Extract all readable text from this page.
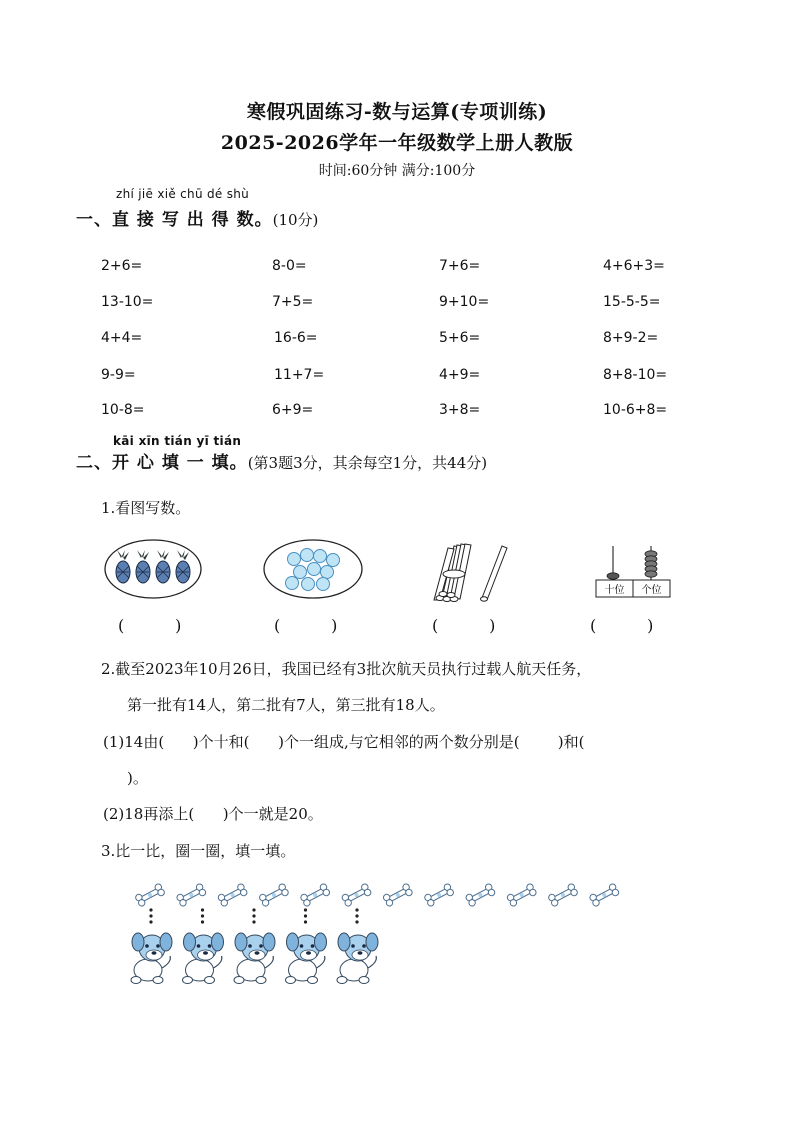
寒假巩固练习-数与运算(专项训练)
2025-2026学年一年级数学上册人教版
时间:60分钟 满分:100分
zhí jiē xiě chū dé shù
一、直 接 写 出 得 数。(10分)
2+6=	8-0=	7+6=	4+6+3=
13-10=	7+5=	9+10=	15-5-5=
4+4=	16-6=	5+6=	8+9-2=
9-9=	11+7=	4+9=	8+8-10=
10-8=	6+9=	3+8=	10-6+8=
kāi xīn tián yī tián
二、开 心 填 一 填。(第3题3分，其余每空1分，共44分)
1.看图写数。
十位 个位
(          )	(          )	(          )	(          )
2.截至2023年10月26日，我国已经有3批次航天员执行过载人航天任务，
第一批有14人，第二批有7人，第三批有18人。
(1)14由(      )个十和(      )个一组成,与它相邻的两个数分别是(        )和(
)。
(2)18再添上(      )个一就是20。
3.比一比，圈一圈，填一填。
